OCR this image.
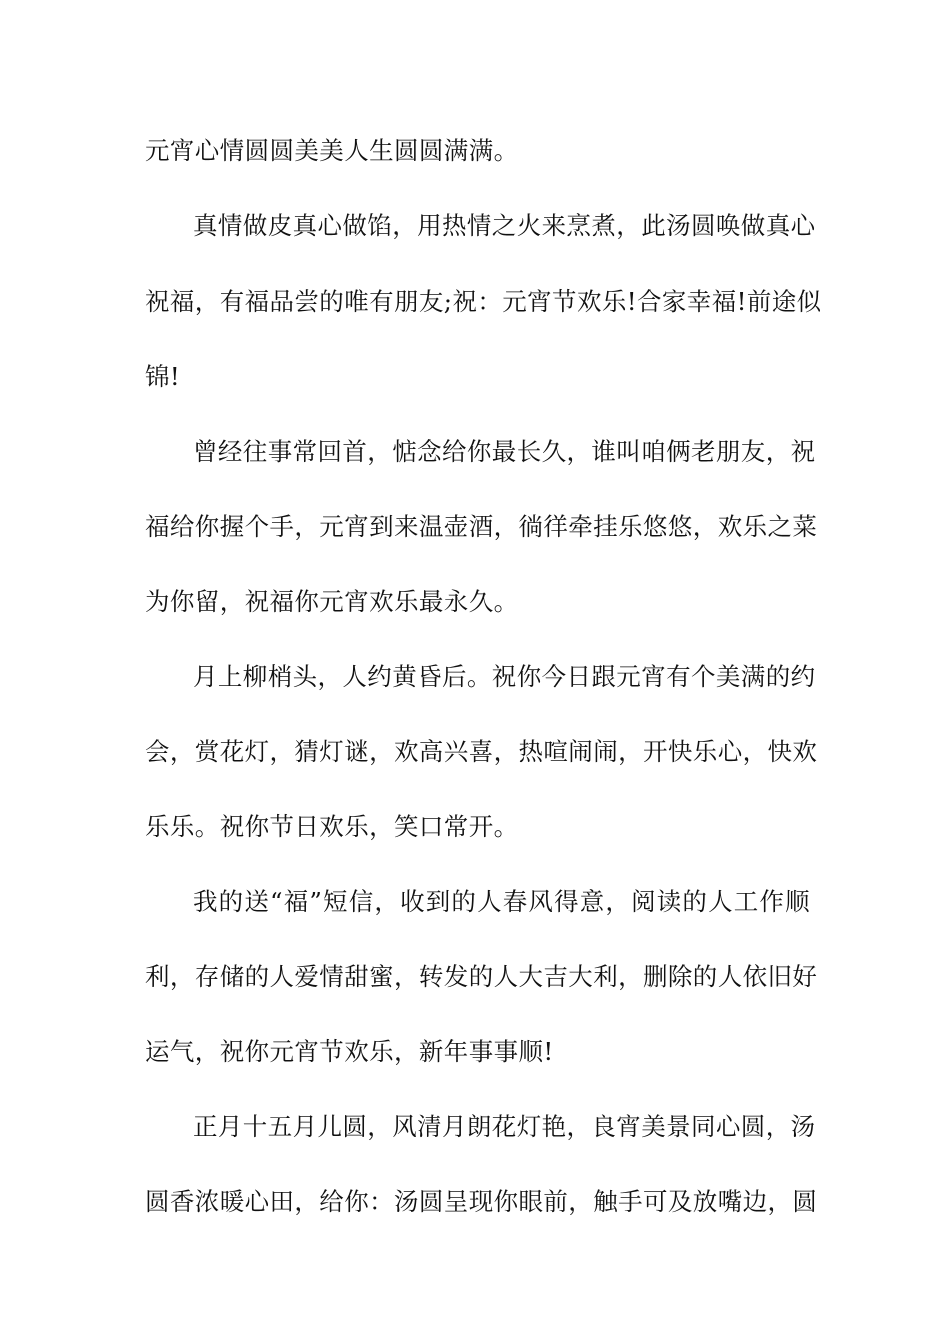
元宵心情圆圆美美人生圆圆满满。
真情做皮真心做馅，用热情之火来烹煮，此汤圆唤做真心
祝福，有福品尝的唯有朋友;祝：元宵节欢乐!合家幸福!前途似
锦!
曾经往事常回首，惦念给你最长久，谁叫咱俩老朋友，祝
福给你握个手，元宵到来温壶酒，徜徉牵挂乐悠悠，欢乐之菜
为你留，祝福你元宵欢乐最永久。
月上柳梢头，人约黄昏后。祝你今日跟元宵有个美满的约
会，赏花灯，猜灯谜，欢高兴喜，热喧闹闹，开快乐心，快欢
乐乐。祝你节日欢乐，笑口常开。
我的送“福”短信，收到的人春风得意，阅读的人工作顺
利，存储的人爱情甜蜜，转发的人大吉大利，删除的人依旧好
运气，祝你元宵节欢乐，新年事事顺!
正月十五月儿圆，风清月朗花灯艳，良宵美景同心圆，汤
圆香浓暖心田，给你：汤圆呈现你眼前，触手可及放嘴边，圆
